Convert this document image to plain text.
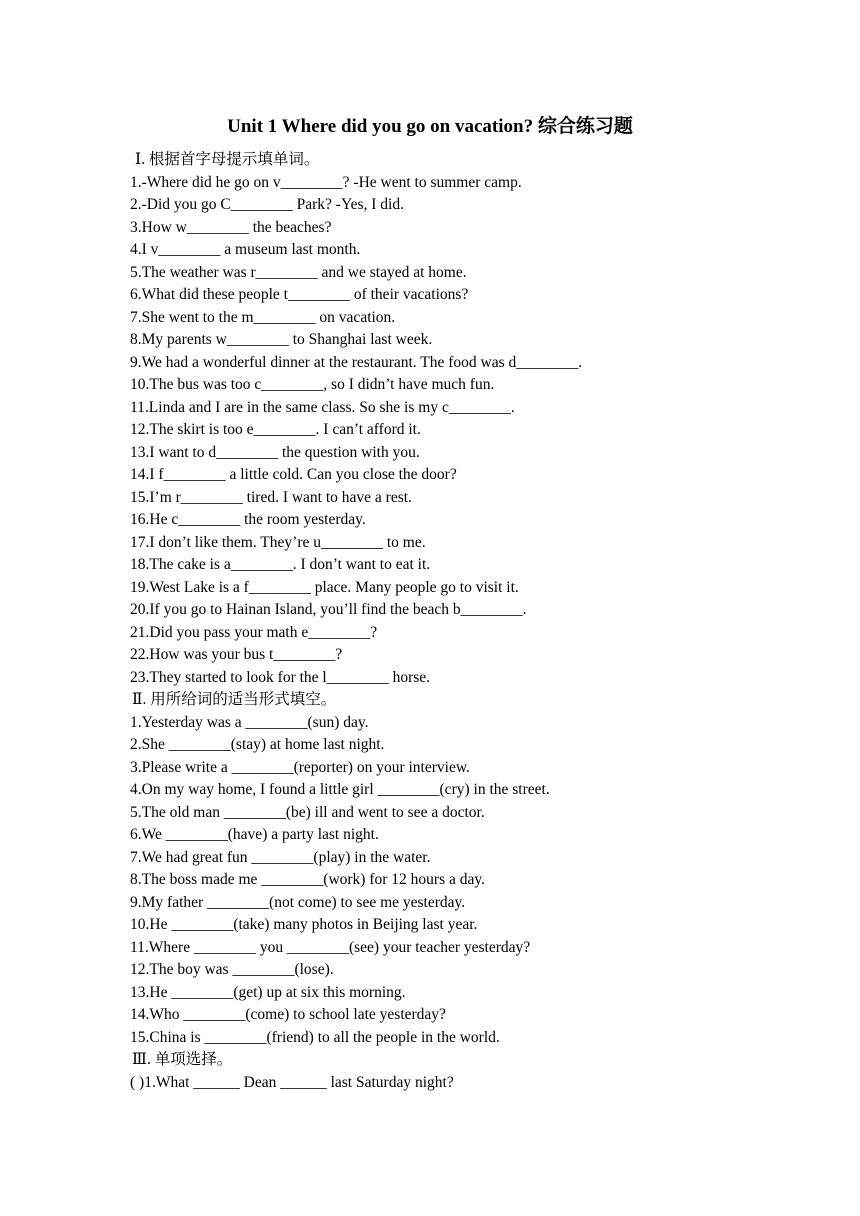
Unit 1 Where did you go on vacation? 综合练习题
Ⅰ. 根据首字母提示填单词。
1.-Where did he go on v________? -He went to summer camp.
2.-Did you go C________ Park? -Yes, I did.
3.How w________ the beaches?
4.I v________ a museum last month.
5.The weather was r________ and we stayed at home.
6.What did these people t________ of their vacations?
7.She went to the m________ on vacation.
8.My parents w________ to Shanghai last week.
9.We had a wonderful dinner at the restaurant. The food was d________.
10.The bus was too c________, so I didn’t have much fun.
11.Linda and I are in the same class. So she is my c________.
12.The skirt is too e________. I can’t afford it.
13.I want to d________ the question with you.
14.I f________ a little cold. Can you close the door?
15.I’m r________ tired. I want to have a rest.
16.He c________ the room yesterday.
17.I don’t like them. They’re u________ to me.
18.The cake is a________. I don’t want to eat it.
19.West Lake is a f________ place. Many people go to visit it.
20.If you go to Hainan Island, you’ll find the beach b________.
21.Did you pass your math e________?
22.How was your bus t________?
23.They started to look for the l________ horse.
Ⅱ. 用所给词的适当形式填空。
1.Yesterday was a ________(sun) day.
2.She ________(stay) at home last night.
3.Please write a ________(reporter) on your interview.
4.On my way home, I found a little girl ________(cry) in the street.
5.The old man ________(be) ill and went to see a doctor.
6.We ________(have) a party last night.
7.We had great fun ________(play) in the water.
8.The boss made me ________(work) for 12 hours a day.
9.My father ________(not come) to see me yesterday.
10.He ________(take) many photos in Beijing last year.
11.Where ________ you ________(see) your teacher yesterday?
12.The boy was ________(lose).
13.He ________(get) up at six this morning.
14.Who ________(come) to school late yesterday?
15.China is ________(friend) to all the people in the world.
Ⅲ. 单项选择。
( )1.What ______ Dean ______ last Saturday night?
